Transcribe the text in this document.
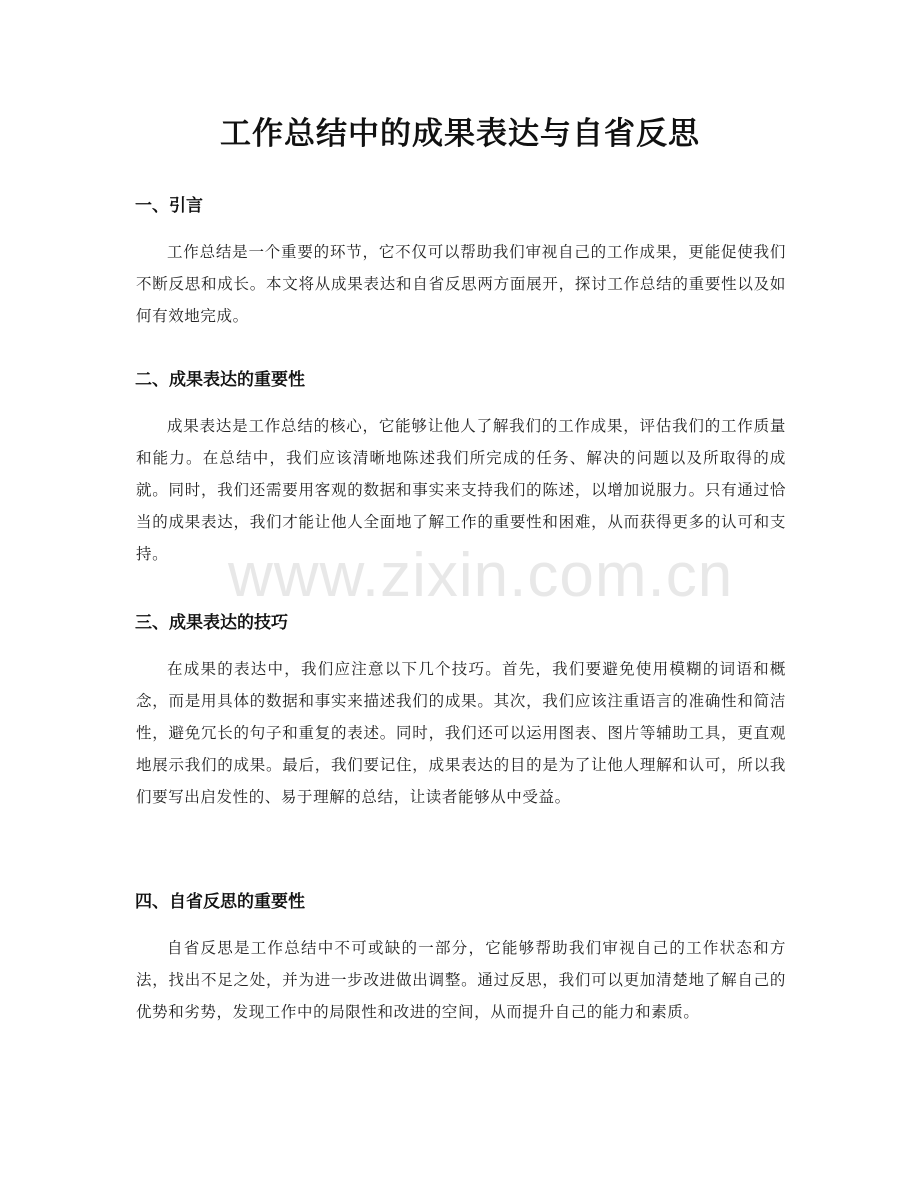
工作总结中的成果表达与自省反思
一、引言

工作总结是一个重要的环节，它不仅可以帮助我们审视自己的工作成果，更能促使我们不断反思和成长。本文将从成果表达和自省反思两方面展开，探讨工作总结的重要性以及如何有效地完成。

二、成果表达的重要性

成果表达是工作总结的核心，它能够让他人了解我们的工作成果，评估我们的工作质量和能力。在总结中，我们应该清晰地陈述我们所完成的任务、解决的问题以及所取得的成就。同时，我们还需要用客观的数据和事实来支持我们的陈述，以增加说服力。只有通过恰当的成果表达，我们才能让他人全面地了解工作的重要性和困难，从而获得更多的认可和支持。

三、成果表达的技巧

在成果的表达中，我们应注意以下几个技巧。首先，我们要避免使用模糊的词语和概念，而是用具体的数据和事实来描述我们的成果。其次，我们应该注重语言的准确性和简洁性，避免冗长的句子和重复的表述。同时，我们还可以运用图表、图片等辅助工具，更直观地展示我们的成果。最后，我们要记住，成果表达的目的是为了让他人理解和认可，所以我们要写出启发性的、易于理解的总结，让读者能够从中受益。

四、自省反思的重要性

自省反思是工作总结中不可或缺的一部分，它能够帮助我们审视自己的工作状态和方法，找出不足之处，并为进一步改进做出调整。通过反思，我们可以更加清楚地了解自己的优势和劣势，发现工作中的局限性和改进的空间，从而提升自己的能力和素质。

www.zixin.com.cn
